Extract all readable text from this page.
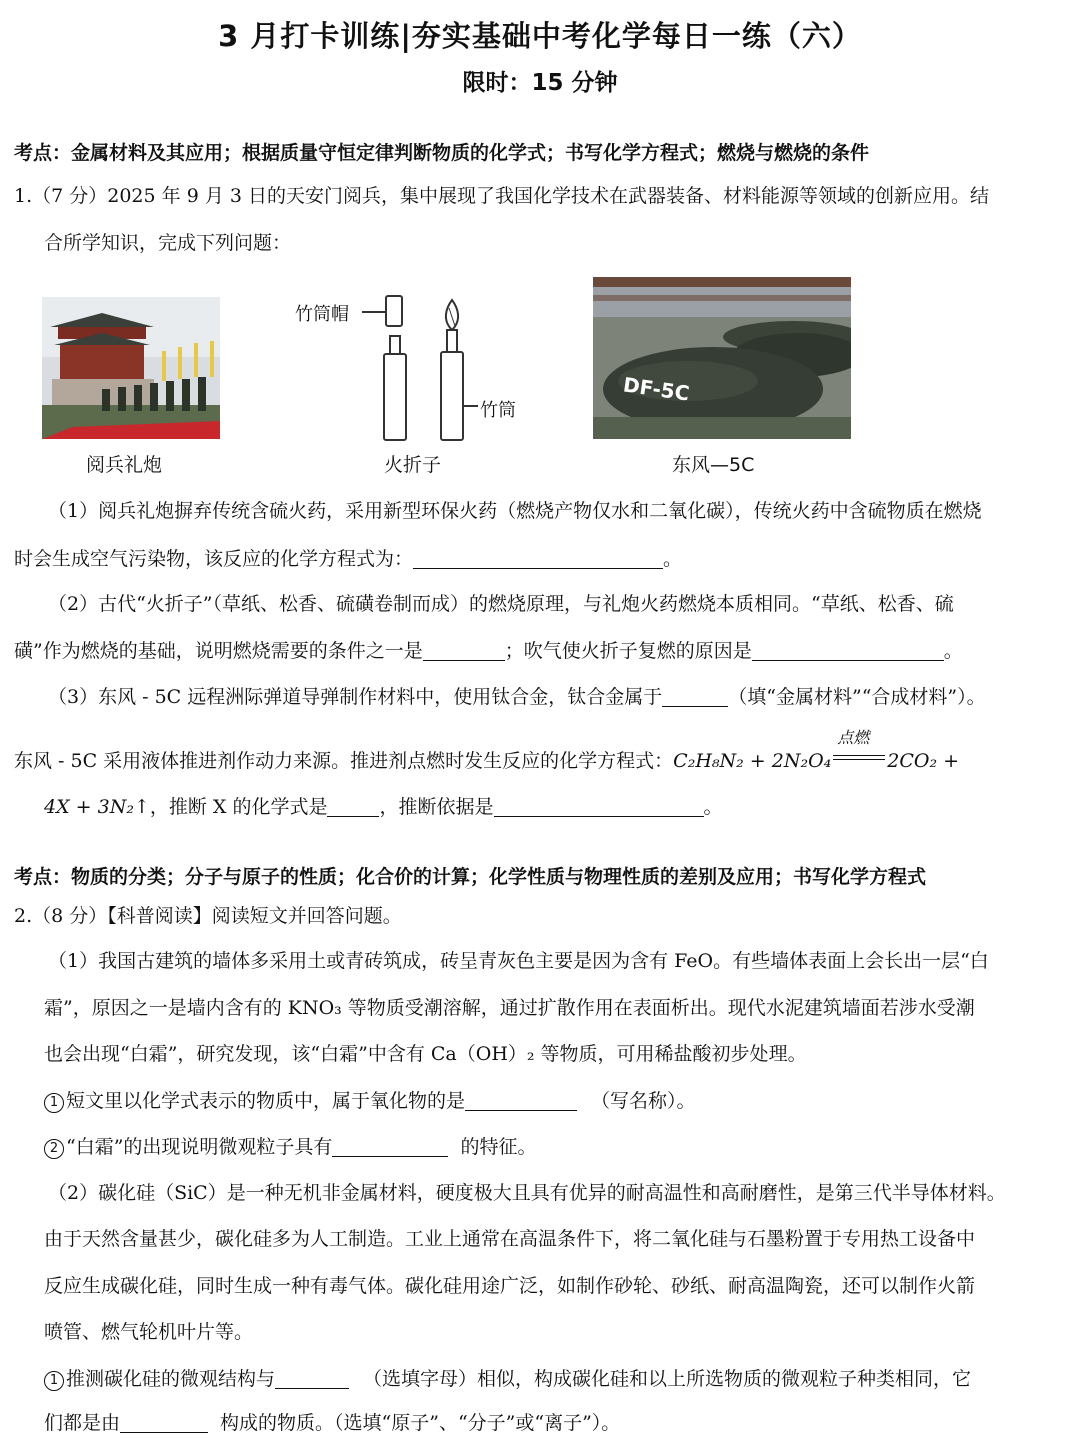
3 月打卡训练|夯实基础中考化学每日一练（六）
限时：15 分钟
考点：金属材料及其应用；根据质量守恒定律判断物质的化学式；书写化学方程式；燃烧与燃烧的条件
1.（7 分）2025 年 9 月 3 日的天安门阅兵，集中展现了我国化学技术在武器装备、材料能源等领域的创新应用。结
合所学知识，完成下列问题：
阅兵礼炮
竹筒帽
竹筒
火折子
DF-5C
东风—5C
（1）阅兵礼炮摒弃传统含硫火药，采用新型环保火药（燃烧产物仅水和二氧化碳），传统火药中含硫物质在燃烧
时会生成空气污染物，该反应的化学方程式为：	。
（2）古代“火折子”（草纸、松香、硫磺卷制而成）的燃烧原理，与礼炮火药燃烧本质相同。“草纸、松香、硫
磺”作为燃烧的基础，说明燃烧需要的条件之一是	；吹气使火折子复燃的原因是	。
（3）东风 - 5C 远程洲际弹道导弹制作材料中，使用钛合金，钛合金属于	（填“金属材料”“合成材料”）。
东风 - 5C 采用液体推进剂作动力来源。推进剂点燃时发生反应的化学方程式：C₂H₈N₂ + 2N₂O₄
点燃
2CO₂ +
4X + 3N₂↑，推断 X 的化学式是	，推断依据是	。
考点：物质的分类；分子与原子的性质；化合价的计算；化学性质与物理性质的差别及应用；书写化学方程式
2.（8 分）【科普阅读】阅读短文并回答问题。
（1）我国古建筑的墙体多采用土或青砖筑成，砖呈青灰色主要是因为含有 FeO。有些墙体表面上会长出一层“白
霜”，原因之一是墙内含有的 KNO₃ 等物质受潮溶解，通过扩散作用在表面析出。现代水泥建筑墙面若涉水受潮
也会出现“白霜”，研究发现，该“白霜”中含有 Ca（OH）₂ 等物质，可用稀盐酸初步处理。
1 短文里以化学式表示的物质中，属于氧化物的是	（写名称）。
2 “白霜”的出现说明微观粒子具有	的特征。
（2）碳化硅（SiC）是一种无机非金属材料，硬度极大且具有优异的耐高温性和高耐磨性，是第三代半导体材料。
由于天然含量甚少，碳化硅多为人工制造。工业上通常在高温条件下，将二氧化硅与石墨粉置于专用热工设备中
反应生成碳化硅，同时生成一种有毒气体。碳化硅用途广泛，如制作砂轮、砂纸、耐高温陶瓷，还可以制作火箭
喷管、燃气轮机叶片等。
1 推测碳化硅的微观结构与	（选填字母）相似，构成碳化硅和以上所选物质的微观粒子种类相同，它
们都是由	构成的物质。（选填“原子”、“分子”或“离子”）。
